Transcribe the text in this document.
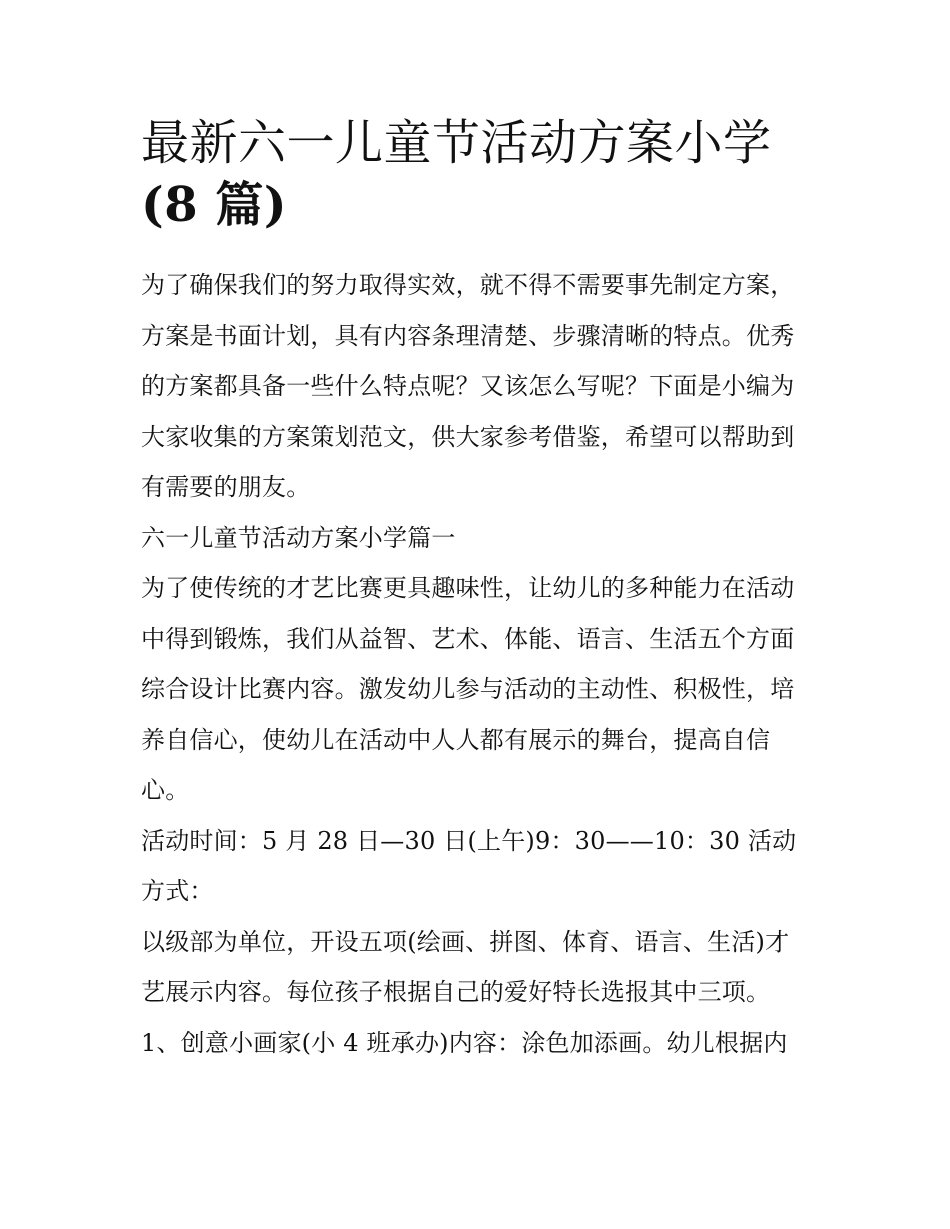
最新六一儿童节活动方案小学
(8 篇)

为了确保我们的努力取得实效，就不得不需要事先制定方案，方案是书面计划，具有内容条理清楚、步骤清晰的特点。优秀的方案都具备一些什么特点呢？又该怎么写呢？下面是小编为大家收集的方案策划范文，供大家参考借鉴，希望可以帮助到有需要的朋友。

六一儿童节活动方案小学篇一

为了使传统的才艺比赛更具趣味性，让幼儿的多种能力在活动中得到锻炼，我们从益智、艺术、体能、语言、生活五个方面综合设计比赛内容。激发幼儿参与活动的主动性、积极性，培养自信心，使幼儿在活动中人人都有展示的舞台，提高自信心。

活动时间：5 月 28 日—30 日(上午)9：30——10：30 活动方式：

以级部为单位，开设五项(绘画、拼图、体育、语言、生活)才艺展示内容。每位孩子根据自己的爱好特长选报其中三项。

1、创意小画家(小 4 班承办)内容：涂色加添画。幼儿根据内
